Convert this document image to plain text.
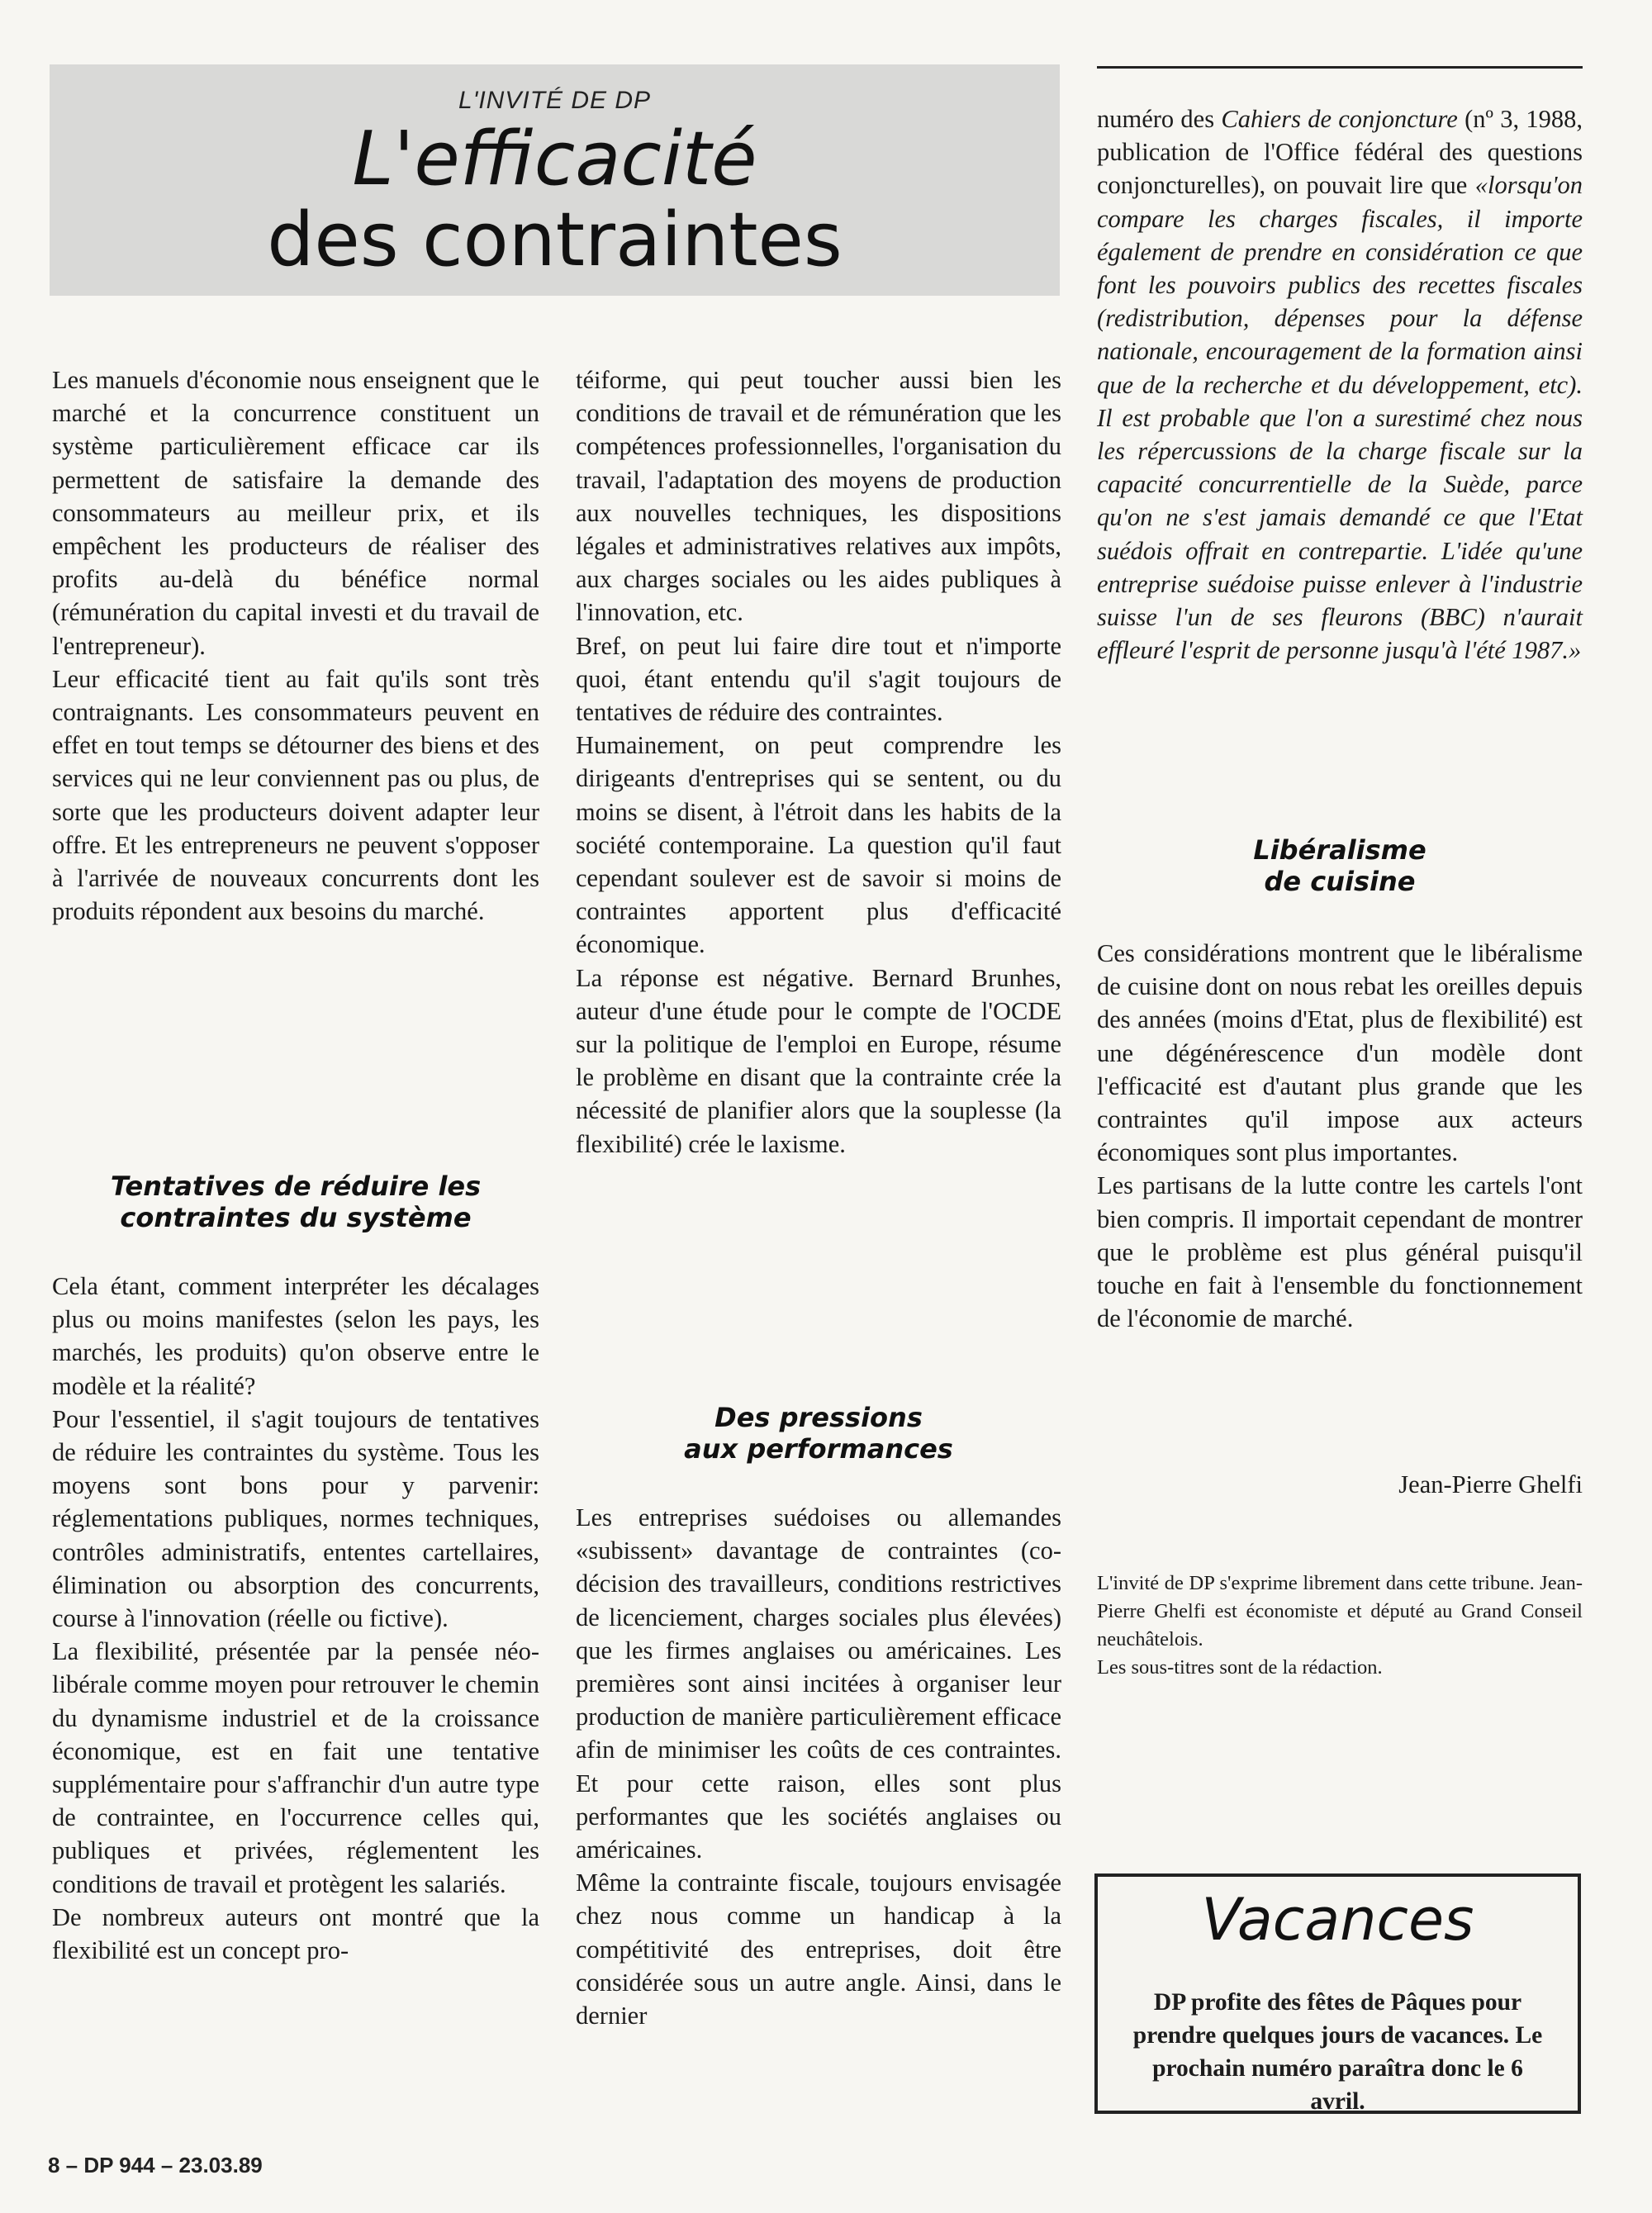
L'INVITÉ DE DP
L'efficacité
des contraintes

Les manuels d'économie nous enseignent que le marché et la concurrence constituent un système particulièrement efficace car ils permettent de satisfaire la demande des consommateurs au meilleur prix, et ils empêchent les producteurs de réaliser des profits au-delà du bénéfice normal (rémunération du capital investi et du travail de l'entrepreneur).

Leur efficacité tient au fait qu'ils sont très contraignants. Les consommateurs peuvent en effet en tout temps se détourner des biens et des services qui ne leur conviennent pas ou plus, de sorte que les producteurs doivent adapter leur offre. Et les entrepreneurs ne peuvent s'opposer à l'arrivée de nouveaux concurrents dont les produits répondent aux besoins du marché.

Tentatives de réduire les
contraintes du système

Cela étant, comment interpréter les décalages plus ou moins manifestes (selon les pays, les marchés, les produits) qu'on observe entre le modèle et la réalité?

Pour l'essentiel, il s'agit toujours de tentatives de réduire les contraintes du système. Tous les moyens sont bons pour y parvenir: réglementations publiques, normes techniques, contrôles administratifs, ententes cartellaires, élimination ou absorption des concurrents, course à l'innovation (réelle ou fictive).

La flexibilité, présentée par la pensée néo-libérale comme moyen pour retrouver le chemin du dynamisme industriel et de la croissance économique, est en fait une tentative supplémentaire pour s'affranchir d'un autre type de contraintee, en l'occurrence celles qui, publiques et privées, réglementent les conditions de travail et protègent les salariés.

De nombreux auteurs ont montré que la flexibilité est un concept pro-

téiforme, qui peut toucher aussi bien les conditions de travail et de rémunération que les compétences professionnelles, l'organisation du travail, l'adaptation des moyens de production aux nouvelles techniques, les dispositions légales et administratives relatives aux impôts, aux charges sociales ou les aides publiques à l'innovation, etc.

Bref, on peut lui faire dire tout et n'importe quoi, étant entendu qu'il s'agit toujours de tentatives de réduire des contraintes.

Humainement, on peut comprendre les dirigeants d'entreprises qui se sentent, ou du moins se disent, à l'étroit dans les habits de la société contemporaine. La question qu'il faut cependant soulever est de savoir si moins de contraintes apportent plus d'efficacité économique.

La réponse est négative. Bernard Brunhes, auteur d'une étude pour le compte de l'OCDE sur la politique de l'emploi en Europe, résume le problème en disant que la contrainte crée la nécessité de planifier alors que la souplesse (la flexibilité) crée le laxisme.

Des pressions
aux performances

Les entreprises suédoises ou allemandes «subissent» davantage de contraintes (co-décision des travailleurs, conditions restrictives de licenciement, charges sociales plus élevées) que les firmes anglaises ou américaines. Les premières sont ainsi incitées à organiser leur production de manière particulièrement efficace afin de minimiser les coûts de ces contraintes. Et pour cette raison, elles sont plus performantes que les sociétés anglaises ou américaines.

Même la contrainte fiscale, toujours envisagée chez nous comme un handicap à la compétitivité des entreprises, doit être considérée sous un autre angle. Ainsi, dans le dernier

numéro des Cahiers de conjoncture (nº 3, 1988, publication de l'Office fédéral des questions conjoncturelles), on pouvait lire que «lorsqu'on compare les charges fiscales, il importe également de prendre en considération ce que font les pouvoirs publics des recettes fiscales (redistribution, dépenses pour la défense nationale, encouragement de la formation ainsi que de la recherche et du développement, etc). Il est probable que l'on a surestimé chez nous les répercussions de la charge fiscale sur la capacité concurrentielle de la Suède, parce qu'on ne s'est jamais demandé ce que l'Etat suédois offrait en contrepartie. L'idée qu'une entreprise suédoise puisse enlever à l'industrie suisse l'un de ses fleurons (BBC) n'aurait effleuré l'esprit de personne jusqu'à l'été 1987.»

Libéralisme
de cuisine

Ces considérations montrent que le libéralisme de cuisine dont on nous rebat les oreilles depuis des années (moins d'Etat, plus de flexibilité) est une dégénérescence d'un modèle dont l'efficacité est d'autant plus grande que les contraintes qu'il impose aux acteurs économiques sont plus importantes.

Les partisans de la lutte contre les cartels l'ont bien compris. Il importait cependant de montrer que le problème est plus général puisqu'il touche en fait à l'ensemble du fonctionnement de l'économie de marché.

Jean-Pierre Ghelfi

L'invité de DP s'exprime librement dans cette tribune. Jean-Pierre Ghelfi est économiste et député au Grand Conseil neuchâtelois.

Les sous-titres sont de la rédaction.

Vacances
DP profite des fêtes de Pâques pour prendre quelques jours de vacances. Le prochain numéro paraîtra donc le 6 avril.
8 – DP 944 – 23.03.89
